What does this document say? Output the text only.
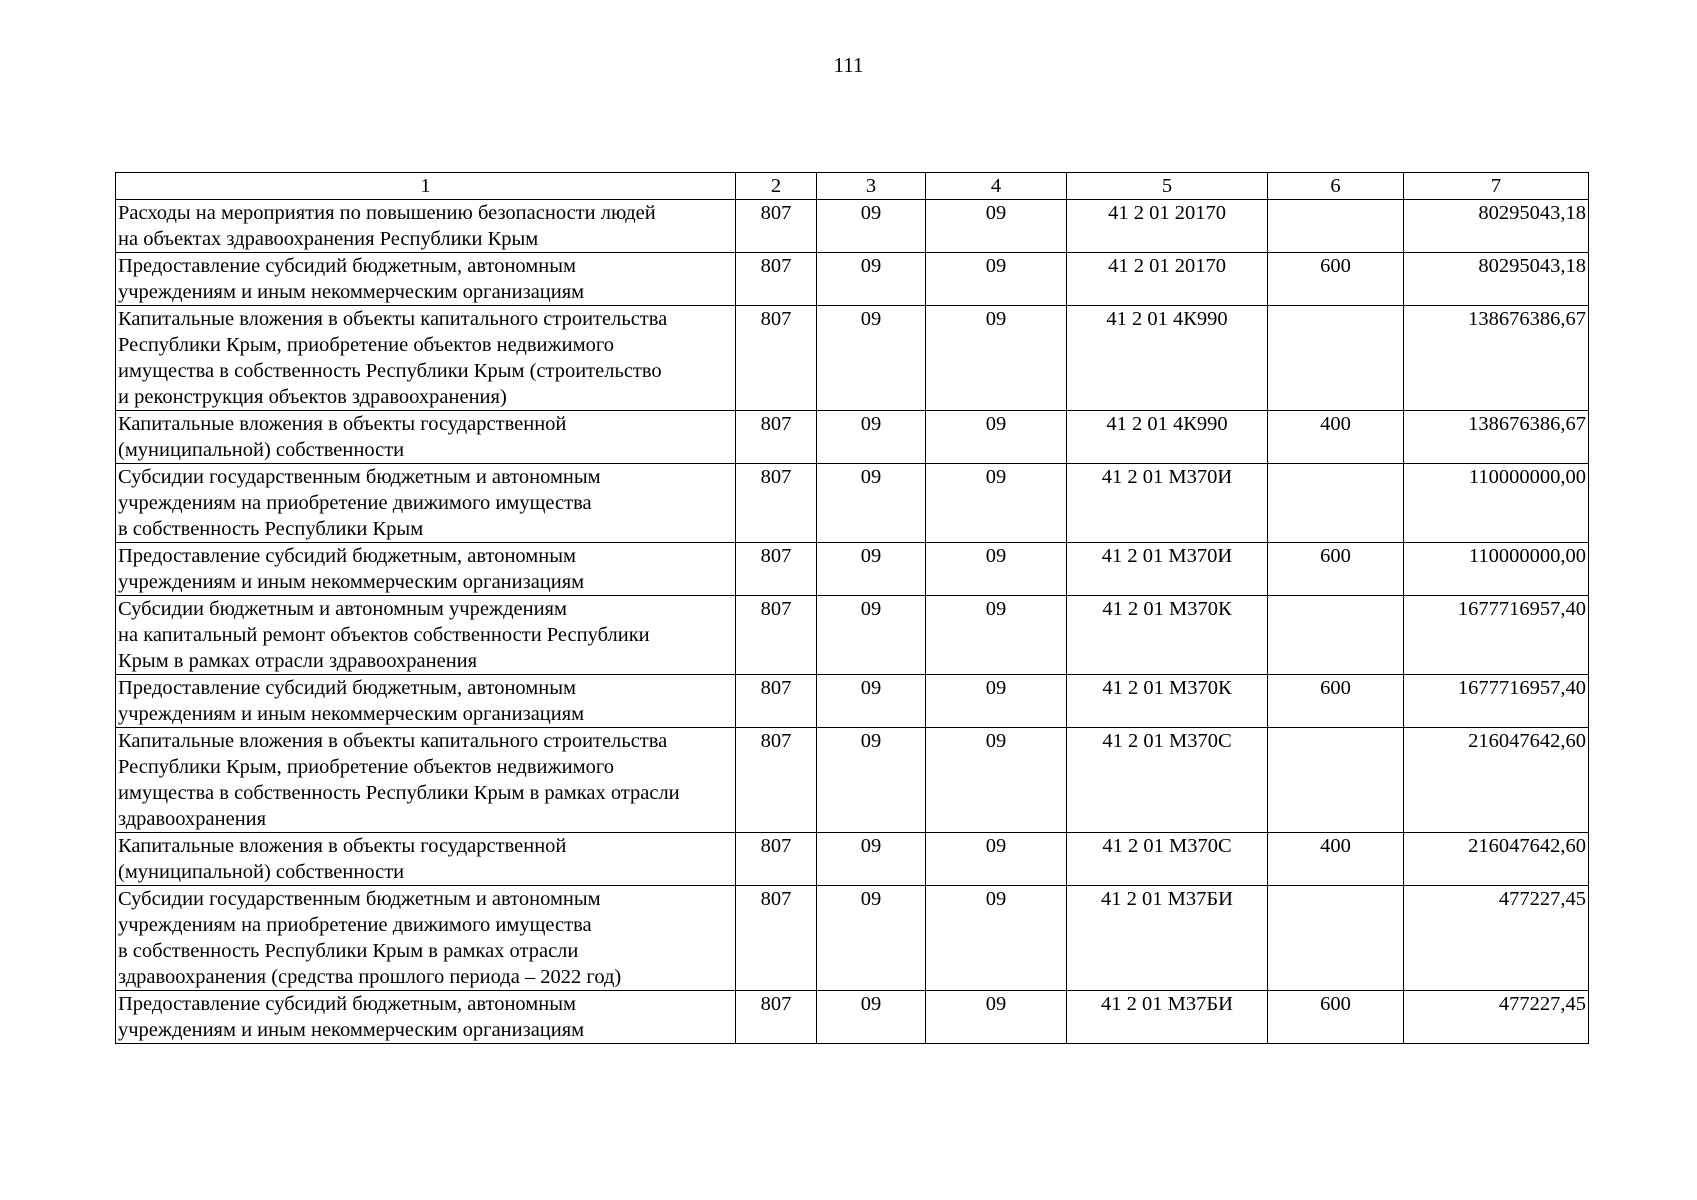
111
1	2	3	4	5	6	7

Расходы на мероприятия по повышению безопасности людей
на объектах здравоохранения Республики Крым	807	09	09	41 2 01 20170		80295043,18

Предоставление субсидий бюджетным, автономным
учреждениям и иным некоммерческим организациям	807	09	09	41 2 01 20170	600	80295043,18

Капитальные вложения в объекты капитального строительства
Республики Крым, приобретение объектов недвижимого
имущества в собственность Республики Крым (строительство
и реконструкция объектов здравоохранения)	807	09	09	41 2 01 4К990		138676386,67

Капитальные вложения в объекты государственной
(муниципальной) собственности	807	09	09	41 2 01 4К990	400	138676386,67

Субсидии государственным бюджетным и автономным
учреждениям на приобретение движимого имущества
в собственность Республики Крым	807	09	09	41 2 01 М370И		110000000,00

Предоставление субсидий бюджетным, автономным
учреждениям и иным некоммерческим организациям	807	09	09	41 2 01 М370И	600	110000000,00

Субсидии бюджетным и автономным учреждениям
на капитальный ремонт объектов собственности Республики
Крым в рамках отрасли здравоохранения	807	09	09	41 2 01 М370К		1677716957,40

Предоставление субсидий бюджетным, автономным
учреждениям и иным некоммерческим организациям	807	09	09	41 2 01 М370К	600	1677716957,40

Капитальные вложения в объекты капитального строительства
Республики Крым, приобретение объектов недвижимого
имущества в собственность Республики Крым в рамках отрасли
здравоохранения	807	09	09	41 2 01 М370С		216047642,60

Капитальные вложения в объекты государственной
(муниципальной) собственности	807	09	09	41 2 01 М370С	400	216047642,60

Субсидии государственным бюджетным и автономным
учреждениям на приобретение движимого имущества
в собственность Республики Крым в рамках отрасли
здравоохранения (средства прошлого периода – 2022 год)	807	09	09	41 2 01 М37БИ		477227,45

Предоставление субсидий бюджетным, автономным
учреждениям и иным некоммерческим организациям	807	09	09	41 2 01 М37БИ	600	477227,45
